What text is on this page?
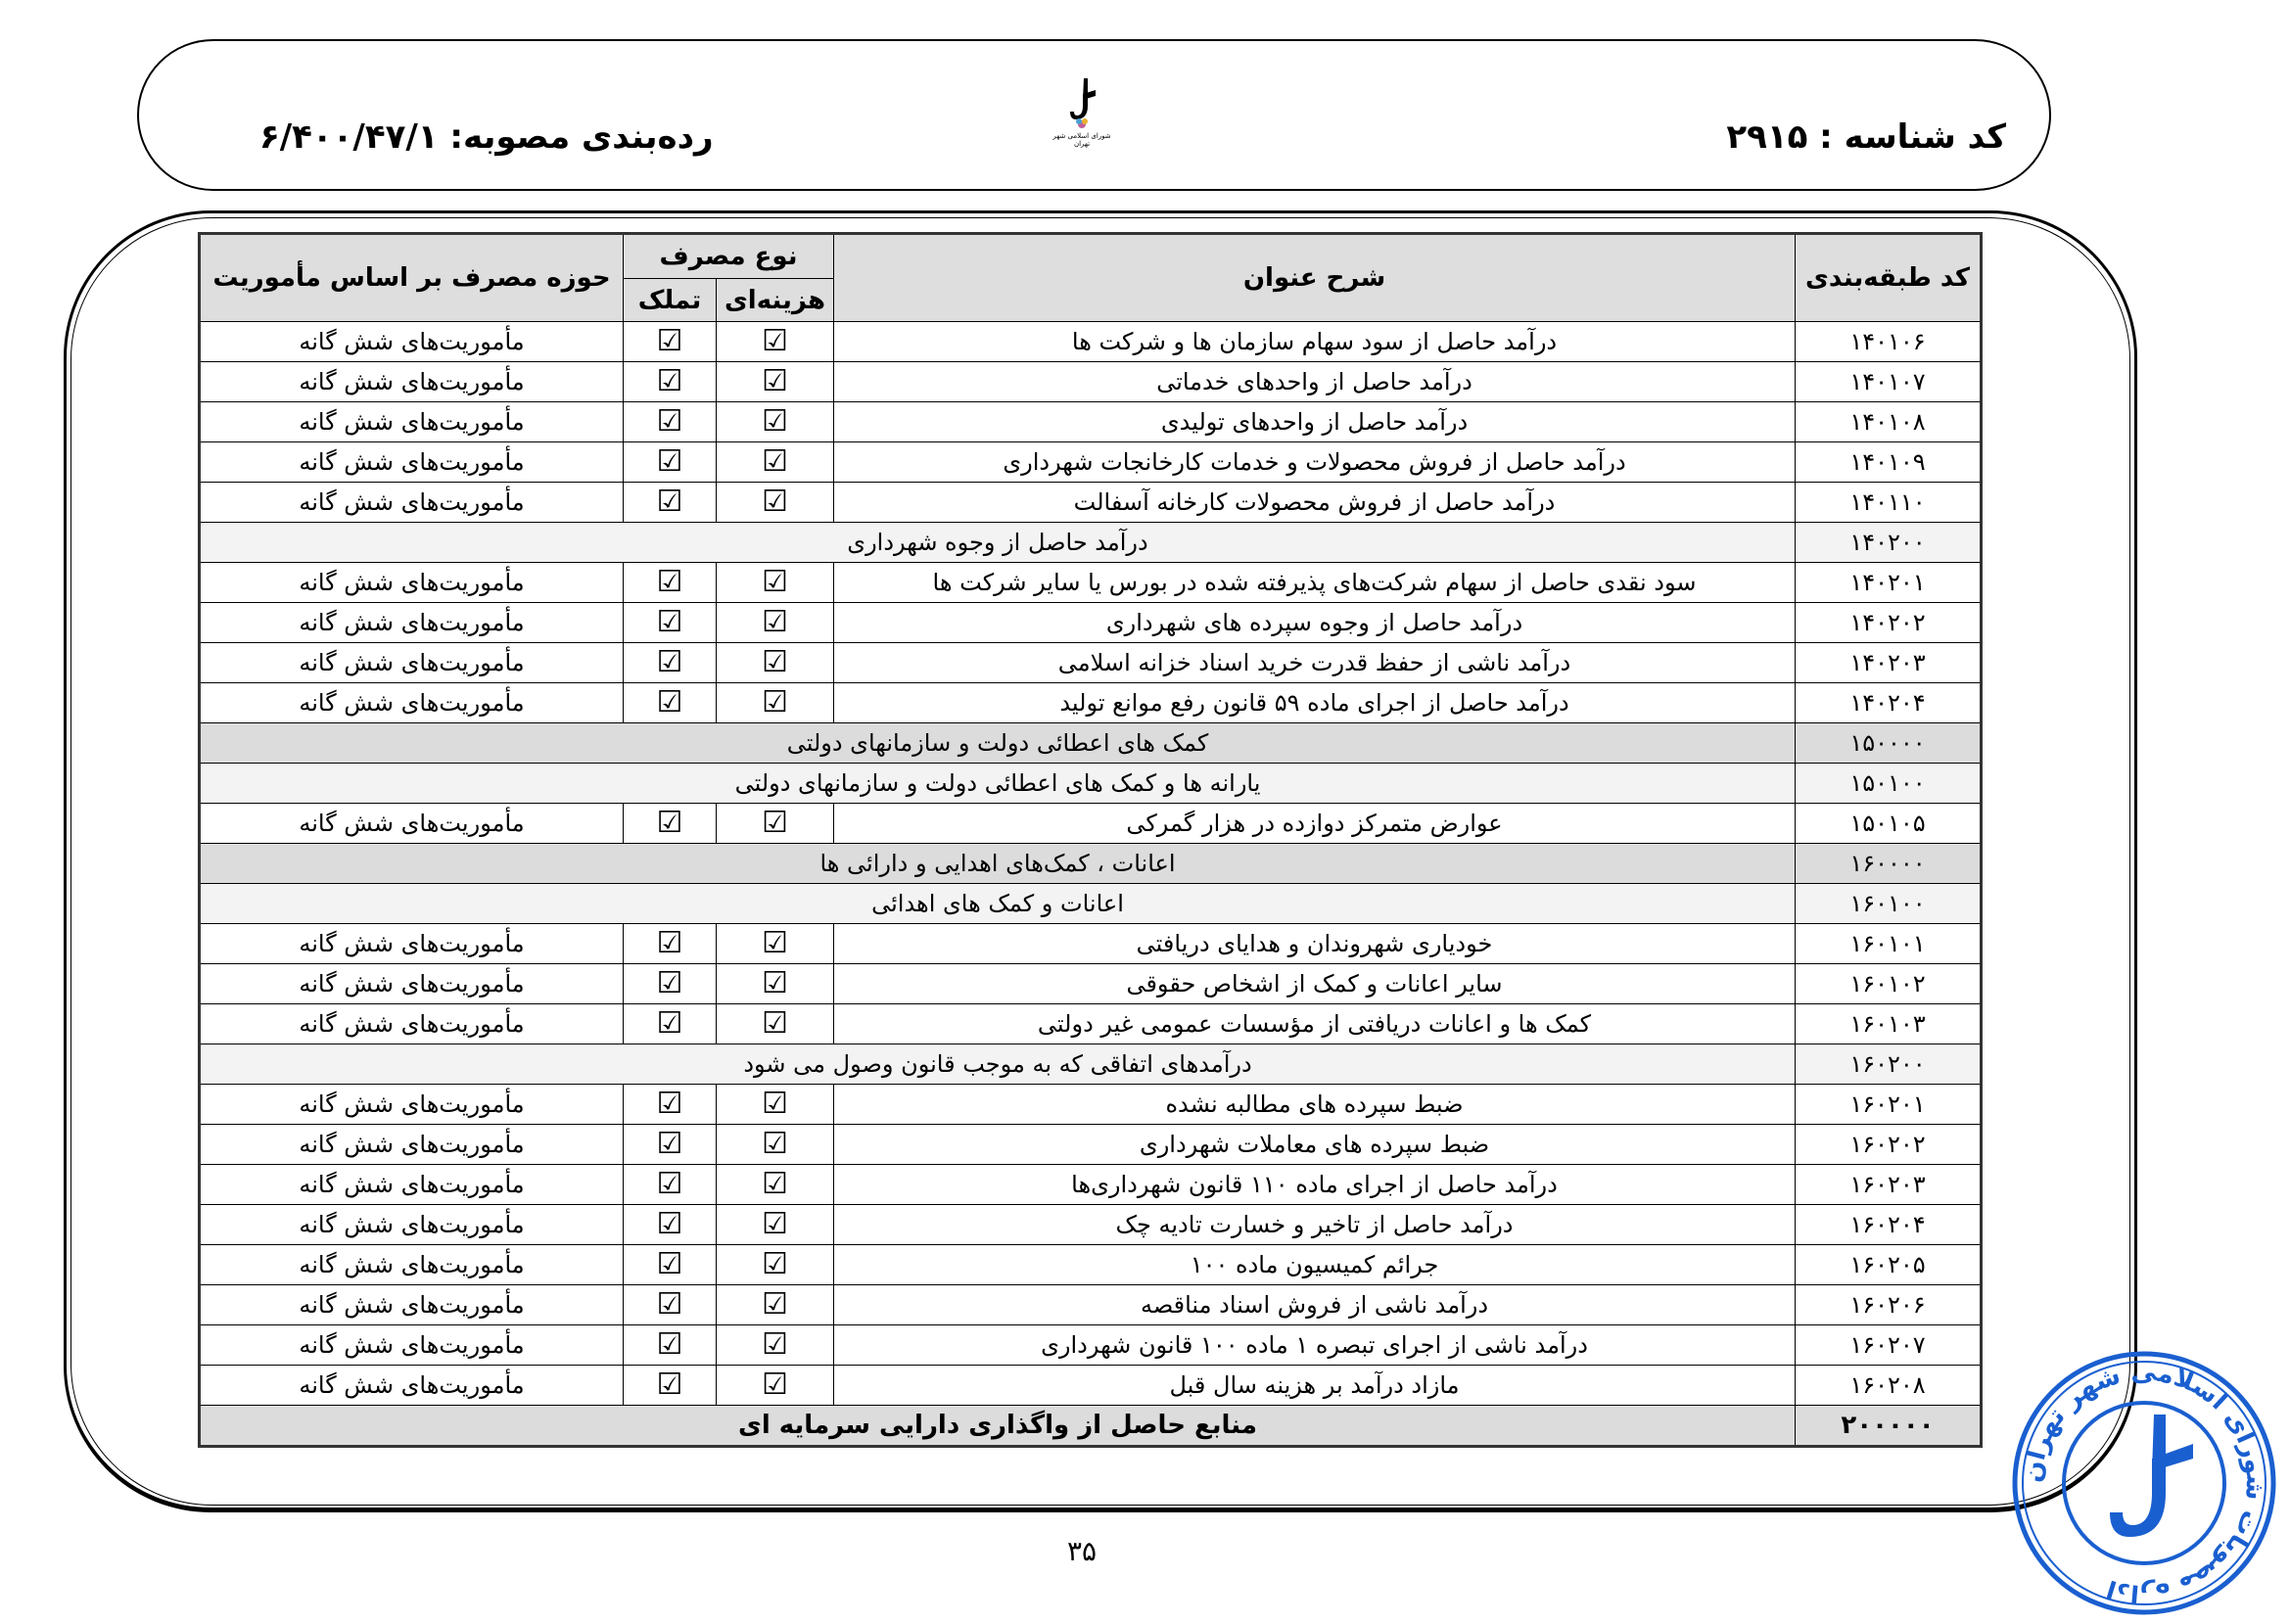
کد شناسه : ۲۹۱۵
رده‌بندی مصوبه: ۶/۴۰۰/۴۷/۱	شورای اسلامی شهر تهران
کد طبقه‌بندی	شرح عنوان	نوع مصرف		حوزه مصرف بر اساس مأموریت
		هزینه‌ای	تملک	
۱۴۰۱۰۶	درآمد حاصل از سود سهام سازمان ها و شرکت ها	☑	☑	مأموریت‌های شش گانه
۱۴۰۱۰۷	درآمد حاصل از واحدهای خدماتی	☑	☑	مأموریت‌های شش گانه
۱۴۰۱۰۸	درآمد حاصل از واحدهای تولیدی	☑	☑	مأموریت‌های شش گانه
۱۴۰۱۰۹	درآمد حاصل از فروش محصولات و خدمات کارخانجات شهرداری	☑	☑	مأموریت‌های شش گانه
۱۴۰۱۱۰	درآمد حاصل از فروش محصولات کارخانه آسفالت	☑	☑	مأموریت‌های شش گانه
۱۴۰۲۰۰	درآمد حاصل از وجوه شهرداری			
۱۴۰۲۰۱	سود نقدی حاصل از سهام شرکت‌های پذیرفته شده در بورس یا سایر شرکت ها	☑	☑	مأموریت‌های شش گانه
۱۴۰۲۰۲	درآمد حاصل از وجوه سپرده های شهرداری	☑	☑	مأموریت‌های شش گانه
۱۴۰۲۰۳	درآمد ناشی از حفظ قدرت خرید اسناد خزانه اسلامی	☑	☑	مأموریت‌های شش گانه
۱۴۰۲۰۴	درآمد حاصل از اجرای ماده ۵۹ قانون رفع موانع تولید	☑	☑	مأموریت‌های شش گانه
۱۵۰۰۰۰	کمک های اعطائی دولت و سازمانهای دولتی			
۱۵۰۱۰۰	یارانه ها و کمک های اعطائی دولت و سازمانهای دولتی			
۱۵۰۱۰۵	عوارض متمرکز دوازده در هزار گمرکی	☑	☑	مأموریت‌های شش گانه
۱۶۰۰۰۰	اعانات ، کمک‌های اهدایی و دارائی ها			
۱۶۰۱۰۰	اعانات و کمک های اهدائی			
۱۶۰۱۰۱	خودیاری شهروندان و هدایای دریافتی	☑	☑	مأموریت‌های شش گانه
۱۶۰۱۰۲	سایر اعانات و کمک از اشخاص حقوقی	☑	☑	مأموریت‌های شش گانه
۱۶۰۱۰۳	کمک ها و اعانات دریافتی از مؤسسات عمومی غیر دولتی	☑	☑	مأموریت‌های شش گانه
۱۶۰۲۰۰	درآمدهای اتفاقی که به موجب قانون وصول می شود			
۱۶۰۲۰۱	ضبط سپرده های مطالبه نشده	☑	☑	مأموریت‌های شش گانه
۱۶۰۲۰۲	ضبط سپرده های معاملات شهرداری	☑	☑	مأموریت‌های شش گانه
۱۶۰۲۰۳	درآمد حاصل از اجرای ماده ۱۱۰ قانون شهرداری‌ها	☑	☑	مأموریت‌های شش گانه
۱۶۰۲۰۴	درآمد حاصل از تاخیر و خسارت تادیه چک	☑	☑	مأموریت‌های شش گانه
۱۶۰۲۰۵	جرائم کمیسیون ماده ۱۰۰	☑	☑	مأموریت‌های شش گانه
۱۶۰۲۰۶	درآمد ناشی از فروش اسناد مناقصه	☑	☑	مأموریت‌های شش گانه
۱۶۰۲۰۷	درآمد ناشی از اجرای تبصره ۱ ماده ۱۰۰ قانون شهرداری	☑	☑	مأموریت‌های شش گانه
۱۶۰۲۰۸	مازاد درآمد بر هزینه سال قبل	☑	☑	مأموریت‌های شش گانه
۲۰۰۰۰۰	منابع حاصل از واگذاری دارایی سرمایه ای			
۳۵
اداره مصوبات شورای اسلامی شهر تهران
